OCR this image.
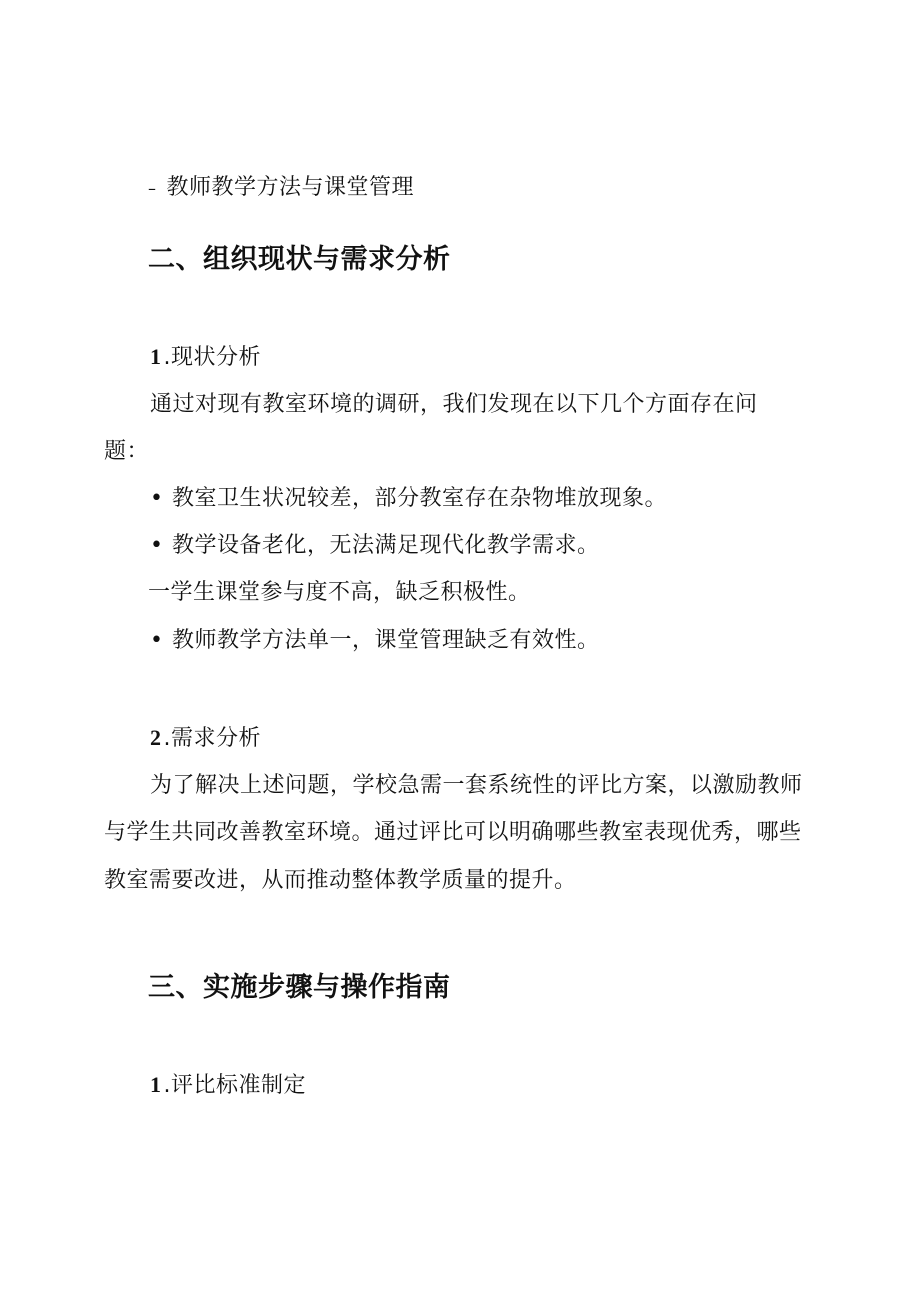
– 教师教学方法与课堂管理
二、组织现状与需求分析
1.现状分析
通过对现有教室环境的调研，我们发现在以下几个方面存在问
题：
• 教室卫生状况较差，部分教室存在杂物堆放现象。
• 教学设备老化，无法满足现代化教学需求。
一学生课堂参与度不高，缺乏积极性。
• 教师教学方法单一，课堂管理缺乏有效性。
2.需求分析
为了解决上述问题，学校急需一套系统性的评比方案，以激励教师
与学生共同改善教室环境。通过评比可以明确哪些教室表现优秀，哪些
教室需要改进，从而推动整体教学质量的提升。
三、实施步骤与操作指南
1.评比标准制定
